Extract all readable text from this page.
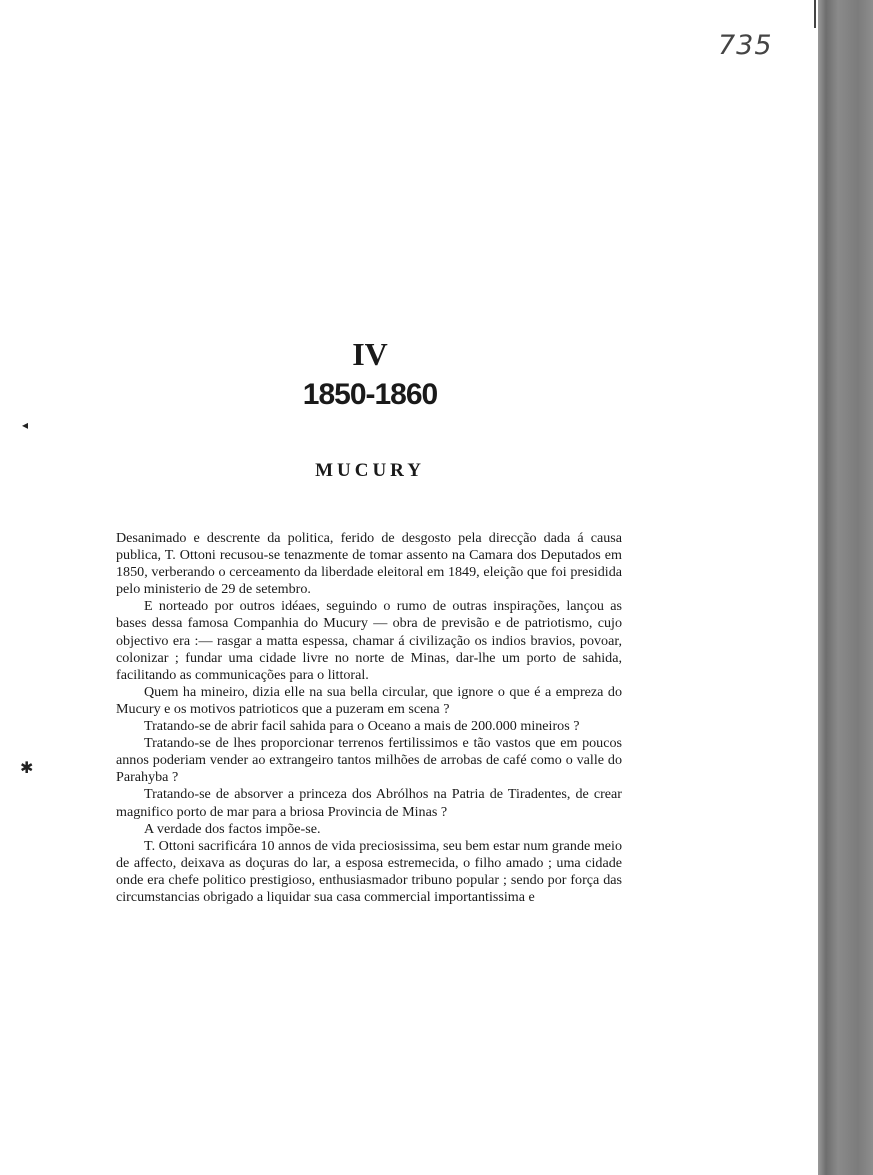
735
◂
✱
IV
1850-1860
MUCURY

Desanimado e descrente da politica, ferido de desgosto pela direcção dada á causa publica, T. Ottoni recusou-se tenazmente de tomar assento na Camara dos Deputados em 1850, verberando o cerceamento da liberdade eleitoral em 1849, eleição que foi presidida pelo ministerio de 29 de setembro.

E norteado por outros idéaes, seguindo o rumo de outras inspirações, lançou as bases dessa famosa Companhia do Mucury — obra de previsão e de patriotismo, cujo objectivo era :— rasgar a matta espessa, chamar á civilização os indios bravios, povoar, colonizar ; fundar uma cidade livre no norte de Minas, dar-lhe um porto de sahida, facilitando as communicações para o littoral.

Quem ha mineiro, dizia elle na sua bella circular, que ignore o que é a empreza do Mucury e os motivos patrioticos que a puzeram em scena ?

Tratando-se de abrir facil sahida para o Oceano a mais de 200.000 mineiros ?

Tratando-se de lhes proporcionar terrenos fertilissimos e tão vastos que em poucos annos poderiam vender ao extrangeiro tantos milhões de arrobas de café como o valle do Parahyba ?

Tratando-se de absorver a princeza dos Abrólhos na Patria de Tiradentes, de crear magnifico porto de mar para a briosa Provincia de Minas ?

A verdade dos factos impõe-se.

T. Ottoni sacrificára 10 annos de vida preciosissima, seu bem estar num grande meio de affecto, deixava as doçuras do lar, a esposa estremecida, o filho amado ; uma cidade onde era chefe politico prestigioso, enthusiasmador tribuno popular ; sendo por força das circumstancias obrigado a liquidar sua casa commercial importantissima e
